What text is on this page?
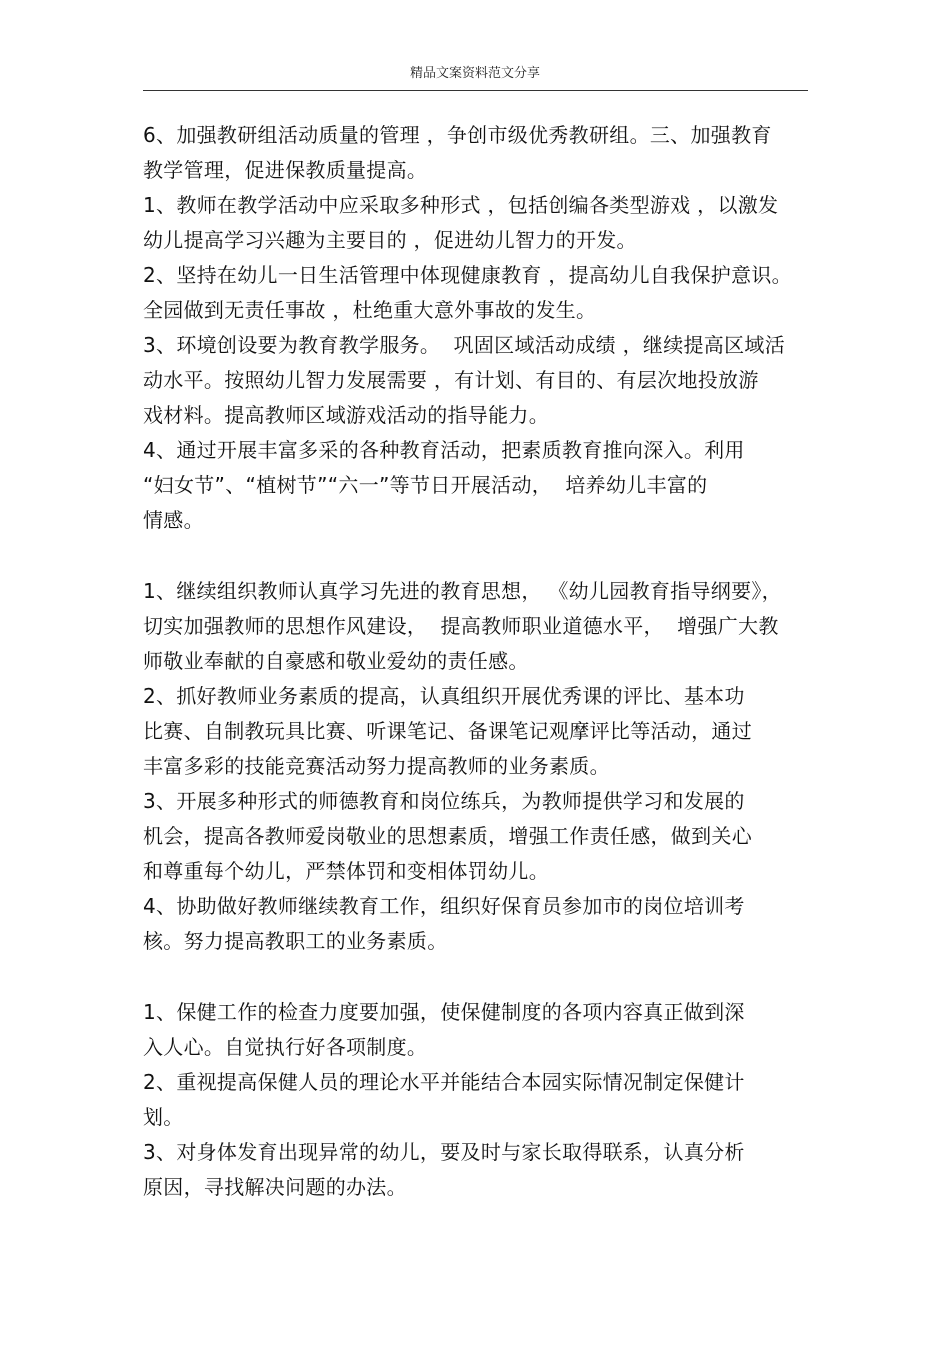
精品文案资料范文分享
6、加强教研组活动质量的管理 ，争创市级优秀教研组。三、加强教育
教学管理，促进保教质量提高。
1、教师在教学活动中应采取多种形式 ，包括创编各类型游戏 ，以激发
幼儿提高学习兴趣为主要目的 ，促进幼儿智力的开发。
2、坚持在幼儿一日生活管理中体现健康教育 ，提高幼儿自我保护意识。
全园做到无责任事故 ，杜绝重大意外事故的发生。
3、环境创设要为教育教学服务。  巩固区域活动成绩 ，继续提高区域活
动水平。按照幼儿智力发展需要 ，有计划、有目的、有层次地投放游
戏材料。提高教师区域游戏活动的指导能力。
4、通过开展丰富多采的各种教育活动，把素质教育推向深入。利用
“妇女节”、“植树节”“六一”等节日开展活动，  培养幼儿丰富的
情感。
1、继续组织教师认真学习先进的教育思想， 《幼儿园教育指导纲要》，
切实加强教师的思想作风建设，  提高教师职业道德水平，  增强广大教
师敬业奉献的自豪感和敬业爱幼的责任感。
2、抓好教师业务素质的提高，认真组织开展优秀课的评比、基本功
比赛、自制教玩具比赛、听课笔记、备课笔记观摩评比等活动，通过
丰富多彩的技能竞赛活动努力提高教师的业务素质。
3、开展多种形式的师德教育和岗位练兵，为教师提供学习和发展的
机会，提高各教师爱岗敬业的思想素质，增强工作责任感，做到关心
和尊重每个幼儿，严禁体罚和变相体罚幼儿。
4、协助做好教师继续教育工作，组织好保育员参加市的岗位培训考
核。努力提高教职工的业务素质。
1、保健工作的检查力度要加强，使保健制度的各项内容真正做到深
入人心。自觉执行好各项制度。
2、重视提高保健人员的理论水平并能结合本园实际情况制定保健计
划。
3、对身体发育出现异常的幼儿，要及时与家长取得联系，认真分析
原因，寻找解决问题的办法。
